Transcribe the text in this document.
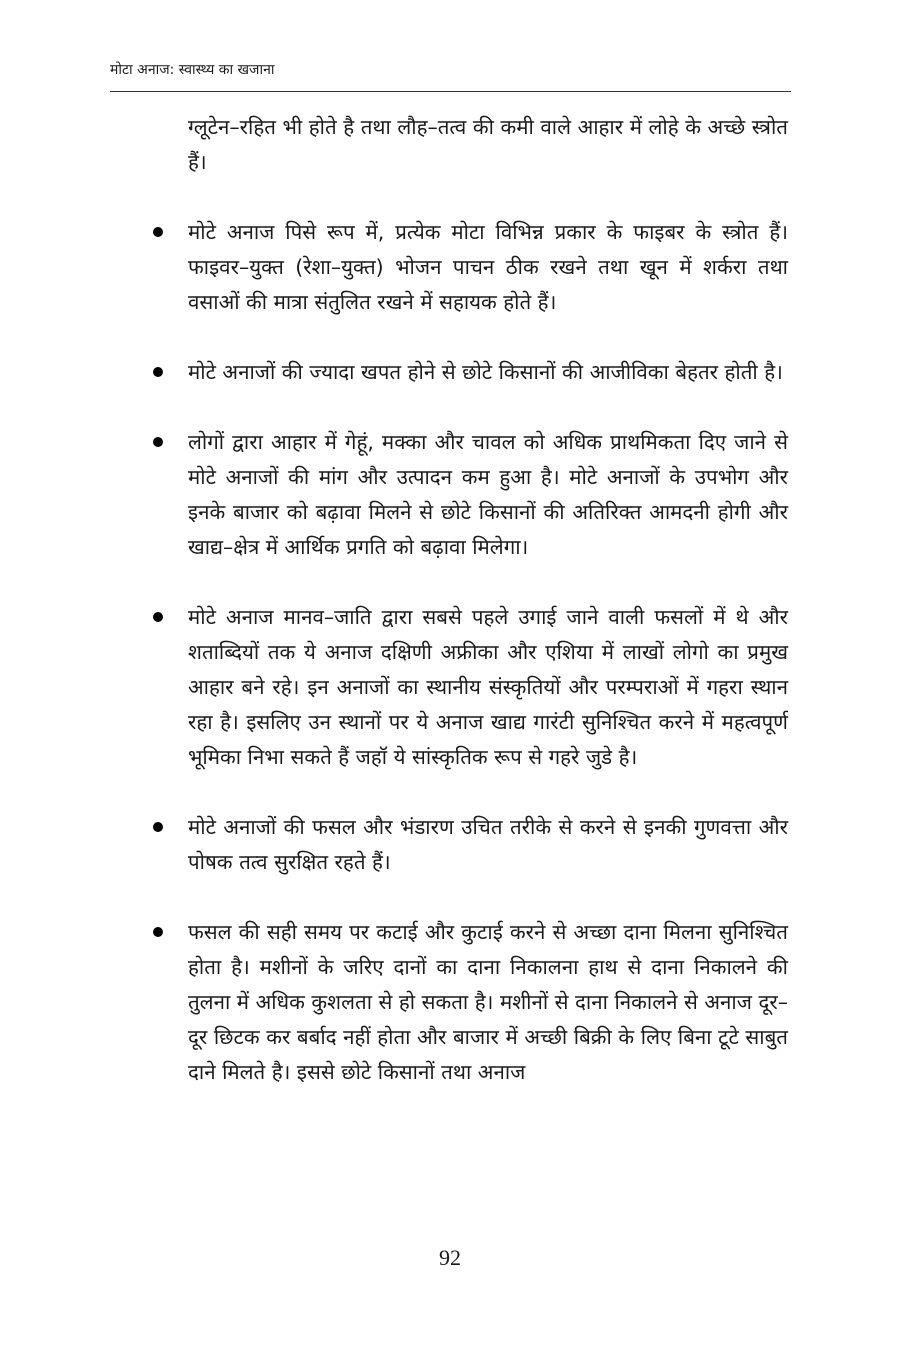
मोटा अनाज: स्वास्थ्य का खजाना

ग्लूटेन–रहित भी होते है तथा लौह–तत्व की कमी वाले आहार में लोहे के अच्छे स्त्रोत हैं।

मोटे अनाज पिसे रूप में, प्रत्येक मोटा विभिन्न प्रकार के फाइबर के स्त्रोत हैं। फाइवर–युक्त (रेशा–युक्त) भोजन पाचन ठीक रखने तथा खून में शर्करा तथा वसाओं की मात्रा संतुलित रखने में सहायक होते हैं।

मोटे अनाजों की ज्यादा खपत होने से छोटे किसानों की आजीविका बेहतर होती है।

लोगों द्वारा आहार में गेहूं, मक्का और चावल को अधिक प्राथमिकता दिए जाने से मोटे अनाजों की मांग और उत्पादन कम हुआ है। मोटे अनाजों के उपभोग और इनके बाजार को बढ़ावा मिलने से छोटे किसानों की अतिरिक्त आमदनी होगी और खाद्य–क्षेत्र में आर्थिक प्रगति को बढ़ावा मिलेगा।

मोटे अनाज मानव–जाति द्वारा सबसे पहले उगाई जाने वाली फसलों में थे और शताब्दियों तक ये अनाज दक्षिणी अफ्रीका और एशिया में लाखों लोगो का प्रमुख आहार बने रहे। इन अनाजों का स्थानीय संस्कृतियों और परम्पराओं में गहरा स्थान रहा है। इसलिए उन स्थानों पर ये अनाज खाद्य गारंटी सुनिश्चित करने में महत्वपूर्ण भूमिका निभा सकते हैं जहॉ ये सांस्कृतिक रूप से गहरे जुडे है।

मोटे अनाजों की फसल और भंडारण उचित तरीके से करने से इनकी गुणवत्ता और पोषक तत्व सुरक्षित रहते हैं।

फसल की सही समय पर कटाई और कुटाई करने से अच्छा दाना मिलना सुनिश्चित होता है। मशीनों के जरिए दानों का दाना निकालना हाथ से दाना निकालने की तुलना में अधिक कुशलता से हो सकता है। मशीनों से दाना निकालने से अनाज दूर–दूर छिटक कर बर्बाद नहीं होता और बाजार में अच्छी बिक्री के लिए बिना टूटे साबुत दाने मिलते है। इससे छोटे किसानों तथा अनाज

92
